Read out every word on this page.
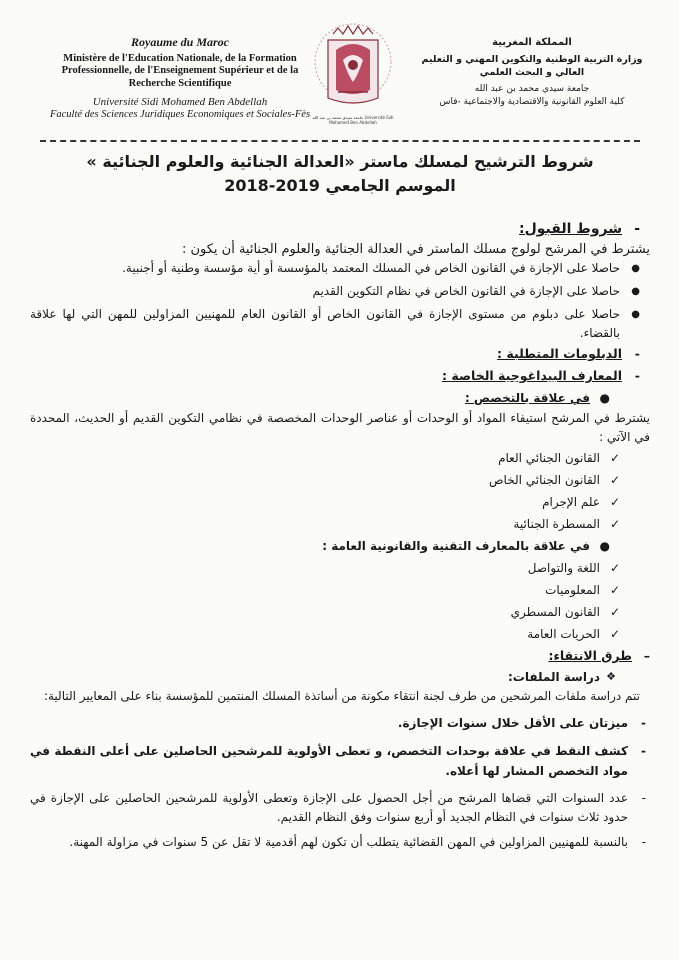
Royaume du Maroc
Ministère de l'Education Nationale, de la Formation Professionnelle, de l'Enseignement Supérieur et de la Recherche Scientifique
Université Sidi Mohamed Ben Abdellah
Faculté des Sciences Juridiques Economiques et Sociales-Fès جامعة سيدي محمد بن عبد الله Université Sidi Mohamed Ben Abdellah
المملكة المغربية
وزارة التربية الوطنية والتكوين المهني و التعليم العالي و البحث العلمي
جامعة سيدي محمد بن عبد الله
كلية العلوم القانونية والاقتصادية والاجتماعية -فاس
شروط الترشيح لمسلك ماستر «العدالة الجنائية والعلوم الجنائية »
الموسم الجامعي 2019-2018
-
شروط القبول:
يشترط في المرشح لولوج مسلك الماستر في العدالة الجنائية والعلوم الجنائية أن يكون :
●
حاصلا على الإجازة في القانون الخاص في المسلك المعتمد بالمؤسسة أو أية مؤسسة وطنية أو أجنبية.
●
حاصلا على الإجازة في القانون الخاص في نظام التكوين القديم
●
حاصلا على دبلوم من مستوى الإجازة في القانون الخاص أو القانون العام للمهنيين المزاولين للمهن التي لها علاقة بالقضاء.
-
الدبلومات المتطلبة :
-
المعارف البيداغوجية الخاصة :
●
في علاقة بالتخصص :
يشترط في المرشح استيفاء المواد أو الوحدات أو عناصر الوحدات المخصصة في نظامي التكوين القديم أو الحديث، المحددة في الآتي :
✓
القانون الجنائي العام
✓
القانون الجنائي الخاص
✓
علم الإجرام
✓
المسطرة الجنائية
●
في علاقة بالمعارف التقنية والقانونية العامة :
✓
اللغة والتواصل
✓
المعلوميات
✓
القانون المسطري
✓
الحريات العامة
–
طرق الانتقاء:
❖
دراسة الملفات:
تتم دراسة ملفات المرشحين من طرف لجنة انتقاء مكونة من أساتذة المسلك المنتمين للمؤسسة بناء على المعايير التالية:
-
ميزتان على الأقل خلال سنوات الإجازة.
-
كشف النقط في علاقة بوحدات التخصص، و تعطى الأولوية للمرشحين الحاصلين على أعلى النقطة في مواد التخصص المشار لها أعلاه.
-
عدد السنوات التي قضاها المرشح من أجل الحصول على الإجازة وتعطى الأولوية للمرشحين الحاصلين على الإجازة في حدود ثلاث سنوات في النظام الجديد أو أربع سنوات وفق النظام القديم.
-
بالنسبة للمهنيين المزاولين في المهن القضائية يتطلب أن تكون لهم أقدمية لا تقل عن 5 سنوات في مزاولة المهنة.
